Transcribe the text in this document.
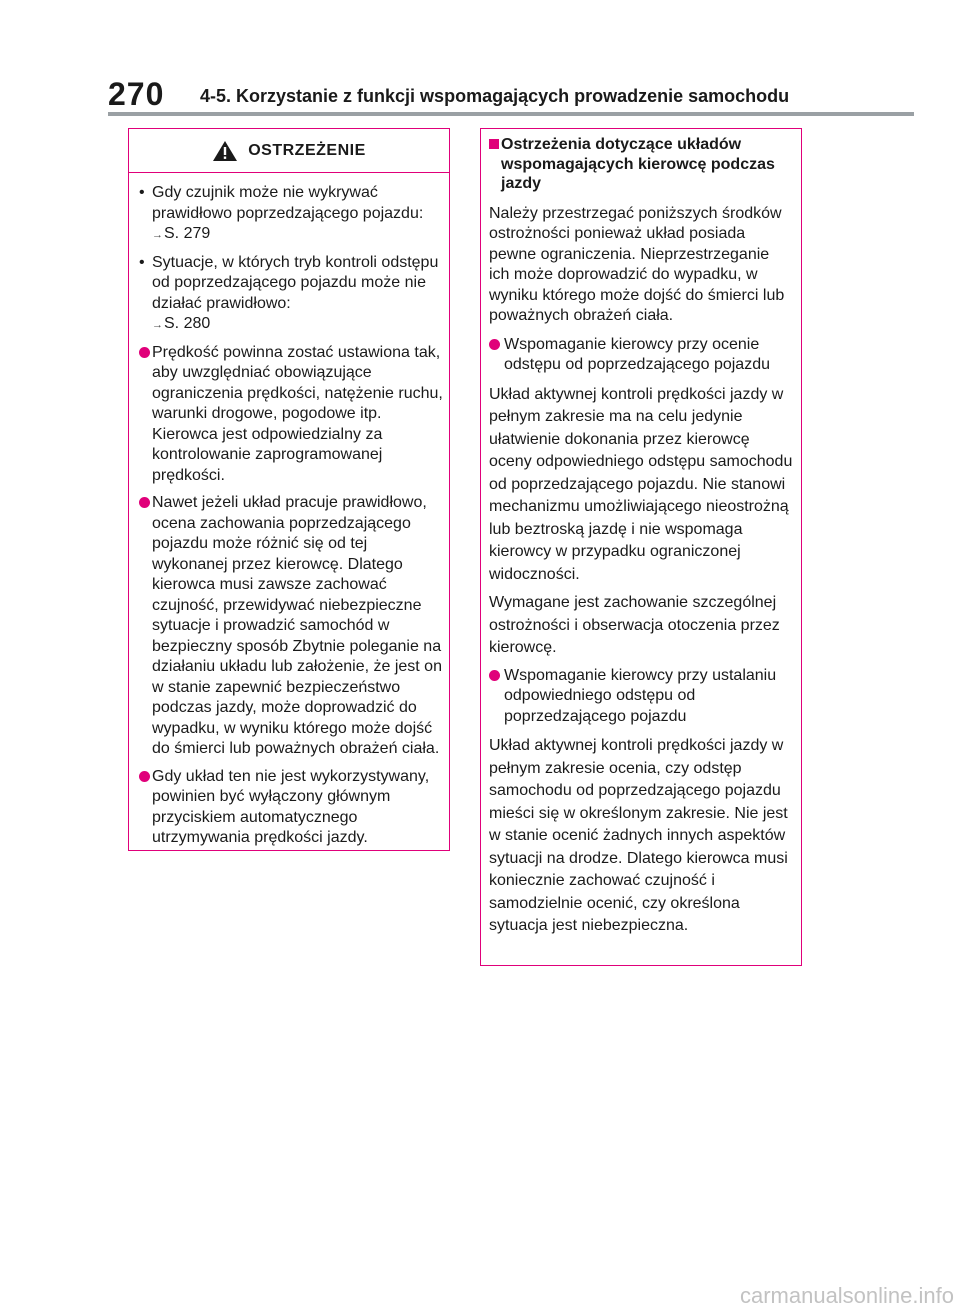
270 4-5. Korzystanie z funkcji wspomagających prowadzenie samochodu
OSTRZEŻENIE
• Gdy czujnik może nie wykrywać prawidłowo poprzedzającego pojazdu:
→S. 279
• Sytuacje, w których tryb kontroli odstępu od poprzedzającego pojazdu może nie działać prawidłowo:
→S. 280
Prędkość powinna zostać ustawiona tak, aby uwzględniać obowiązujące ograniczenia prędkości, natężenie ruchu, warunki drogowe, pogodowe itp. Kierowca jest odpowiedzialny za kontrolowanie zaprogramowanej prędkości.
Nawet jeżeli układ pracuje prawidłowo, ocena zachowania poprzedzającego pojazdu może różnić się od tej wykonanej przez kierowcę. Dlatego kierowca musi zawsze zachować czujność, przewidywać niebezpieczne sytuacje i prowadzić samochód w bezpieczny sposób Zbytnie poleganie na działaniu układu lub założenie, że jest on w stanie zapewnić bezpieczeństwo podczas jazdy, może doprowadzić do wypadku, w wyniku którego może dojść do śmierci lub poważnych obrażeń ciała.
Gdy układ ten nie jest wykorzystywany, powinien być wyłączony głównym przyciskiem automatycznego utrzymywania prędkości jazdy.
Ostrzeżenia dotyczące układów wspomagających kierowcę podczas jazdy
Należy przestrzegać poniższych środków ostrożności ponieważ układ posiada pewne ograniczenia. Nieprzestrzeganie ich może doprowadzić do wypadku, w wyniku którego może dojść do śmierci lub poważnych obrażeń ciała.
Wspomaganie kierowcy przy ocenie odstępu od poprzedzającego pojazdu
Układ aktywnej kontroli prędkości jazdy w pełnym zakresie ma na celu jedynie ułatwienie dokonania przez kierowcę oceny odpowiedniego odstępu samochodu od poprzedzającego pojazdu. Nie stanowi mechanizmu umożliwiającego nieostrożną lub beztroską jazdę i nie wspomaga kierowcy w przypadku ograniczonej widoczności.
Wymagane jest zachowanie szczególnej ostrożności i obserwacja otoczenia przez kierowcę.
Wspomaganie kierowcy przy ustalaniu odpowiedniego odstępu od poprzedzającego pojazdu
Układ aktywnej kontroli prędkości jazdy w pełnym zakresie ocenia, czy odstęp samochodu od poprzedzającego pojazdu mieści się w określonym zakresie. Nie jest w stanie ocenić żadnych innych aspektów sytuacji na drodze. Dlatego kierowca musi koniecznie zachować czujność i samodzielnie ocenić, czy określona sytuacja jest niebezpieczna.
carmanualsonline.info
